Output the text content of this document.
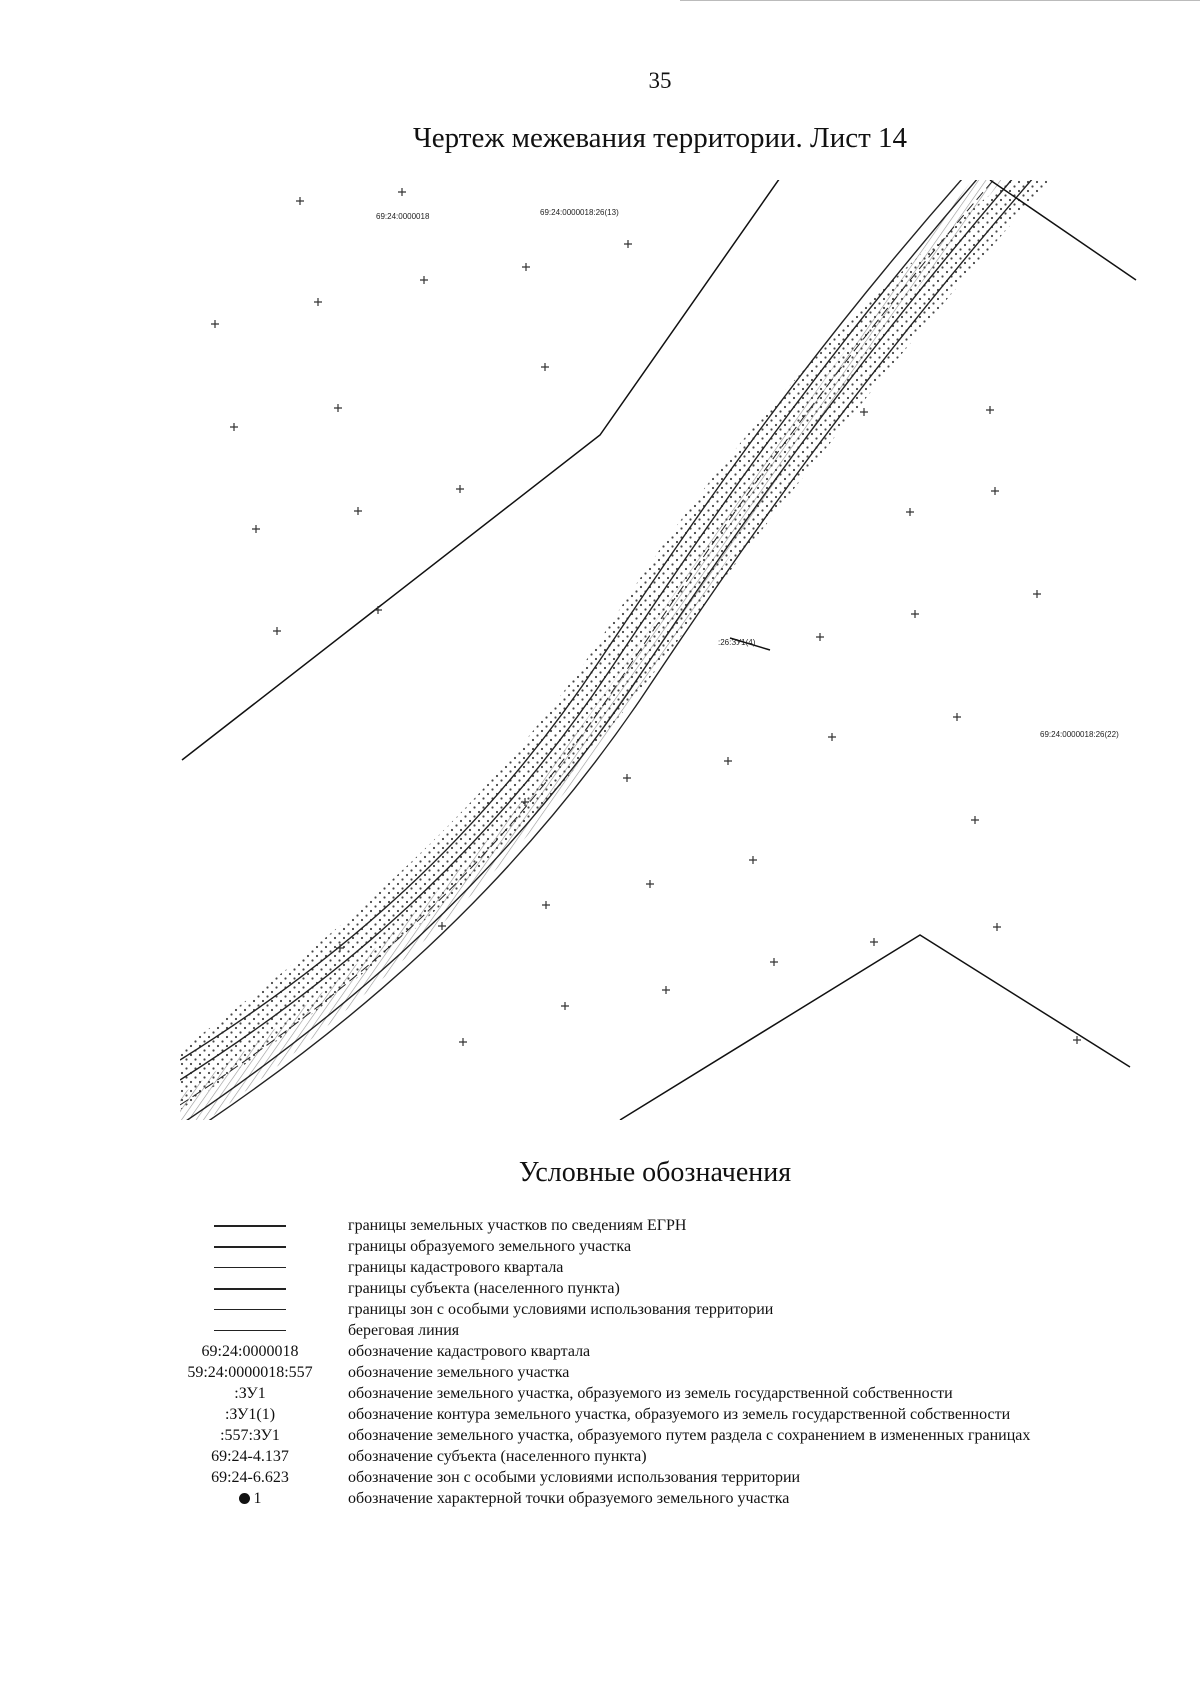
35
Чертеж межевания территории. Лист 14
69:24:0000018	69:24:0000018:26(13)
69:24:0000018:26(22)
:26:ЗУ1(4)
Условные обозначения
границы земельных участков по сведениям ЕГРН
границы образуемого земельного участка
границы кадастрового квартала
границы субъекта (населенного пункта)
границы зон с особыми условиями использования территории
береговая линия
69:24:0000018	обозначение кадастрового квартала
59:24:0000018:557	обозначение земельного участка
:ЗУ1	обозначение земельного участка, образуемого из земель государственной собственности
:ЗУ1(1)	обозначение контура земельного участка, образуемого из земель государственной собственности
:557:ЗУ1	обозначение земельного участка, образуемого путем раздела с сохранением в измененных границах
69:24-4.137	обозначение субъекта (населенного пункта)
69:24-6.623	обозначение зон с особыми условиями использования территории
1	обозначение характерной точки образуемого земельного участка
